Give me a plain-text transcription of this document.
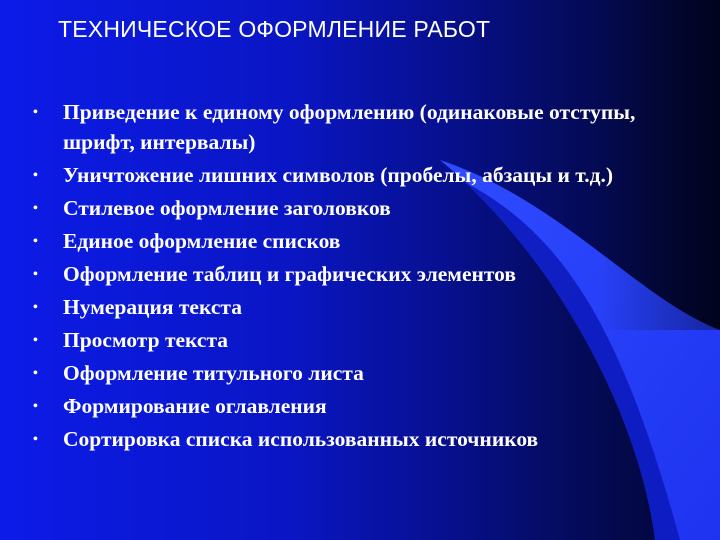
ТЕХНИЧЕСКОЕ ОФОРМЛЕНИЕ РАБОТ
• Приведение к единому оформлению (одинаковые отступы, шрифт, интервалы)
• Уничтожение лишних символов (пробелы, абзацы и т.д.)
• Стилевое оформление заголовков
• Единое оформление списков
• Оформление таблиц и графических элементов
• Нумерация текста
• Просмотр текста
• Оформление титульного листа
• Формирование оглавления
• Сортировка списка использованных источников
